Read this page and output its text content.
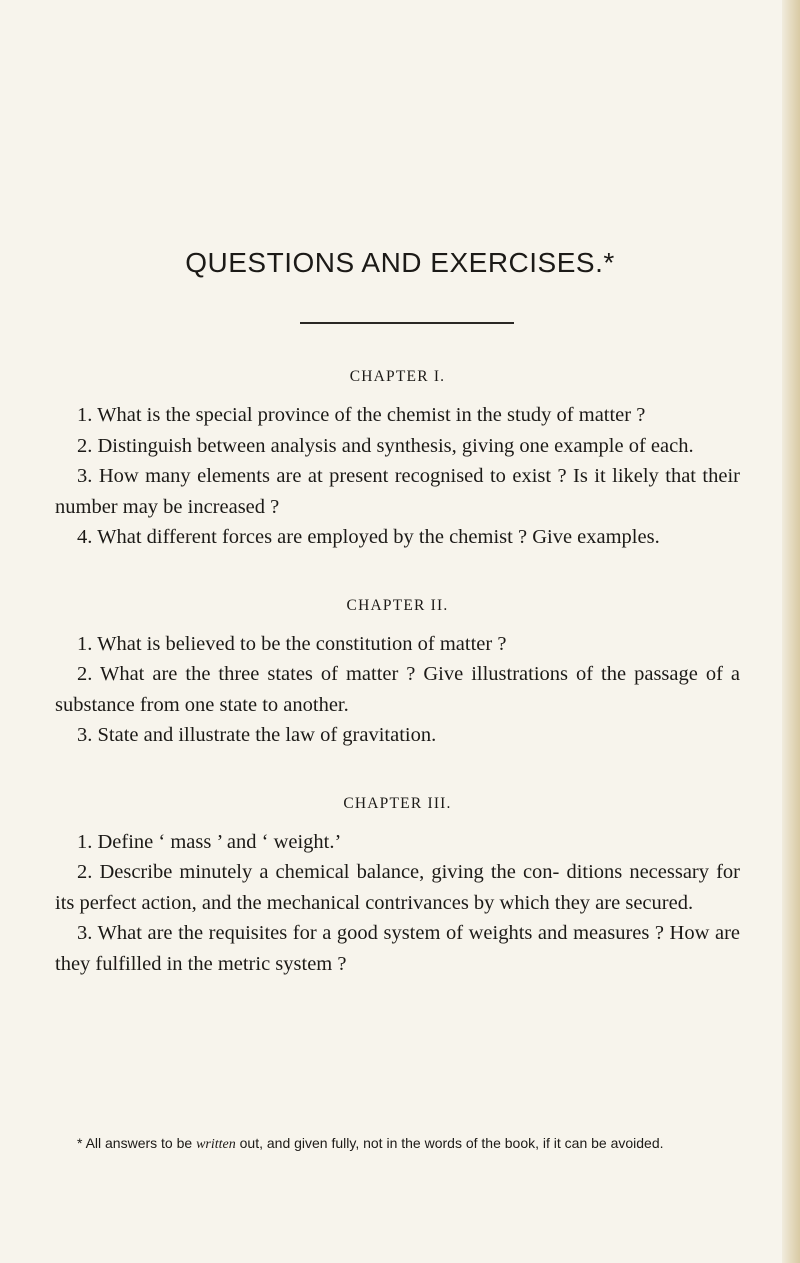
QUESTIONS AND EXERCISES.*
CHAPTER I.

1. What is the special province of the chemist in the study of matter ?

2. Distinguish between analysis and synthesis, giving one example of each.

3. How many elements are at present recognised to exist ? Is it likely that their number may be increased ?

4. What different forces are employed by the chemist ? Give examples.

CHAPTER II.

1. What is believed to be the constitution of matter ?

2. What are the three states of matter ? Give illustrations of the passage of a substance from one state to another.

3. State and illustrate the law of gravitation.

CHAPTER III.

1. Define ‘ mass ’ and ‘ weight.’

2. Describe minutely a chemical balance, giving the con- ditions necessary for its perfect action, and the mechanical contrivances by which they are secured.

3. What are the requisites for a good system of weights and measures ? How are they fulfilled in the metric system ?

* All answers to be written out, and given fully, not in the words of the book, if it can be avoided.
